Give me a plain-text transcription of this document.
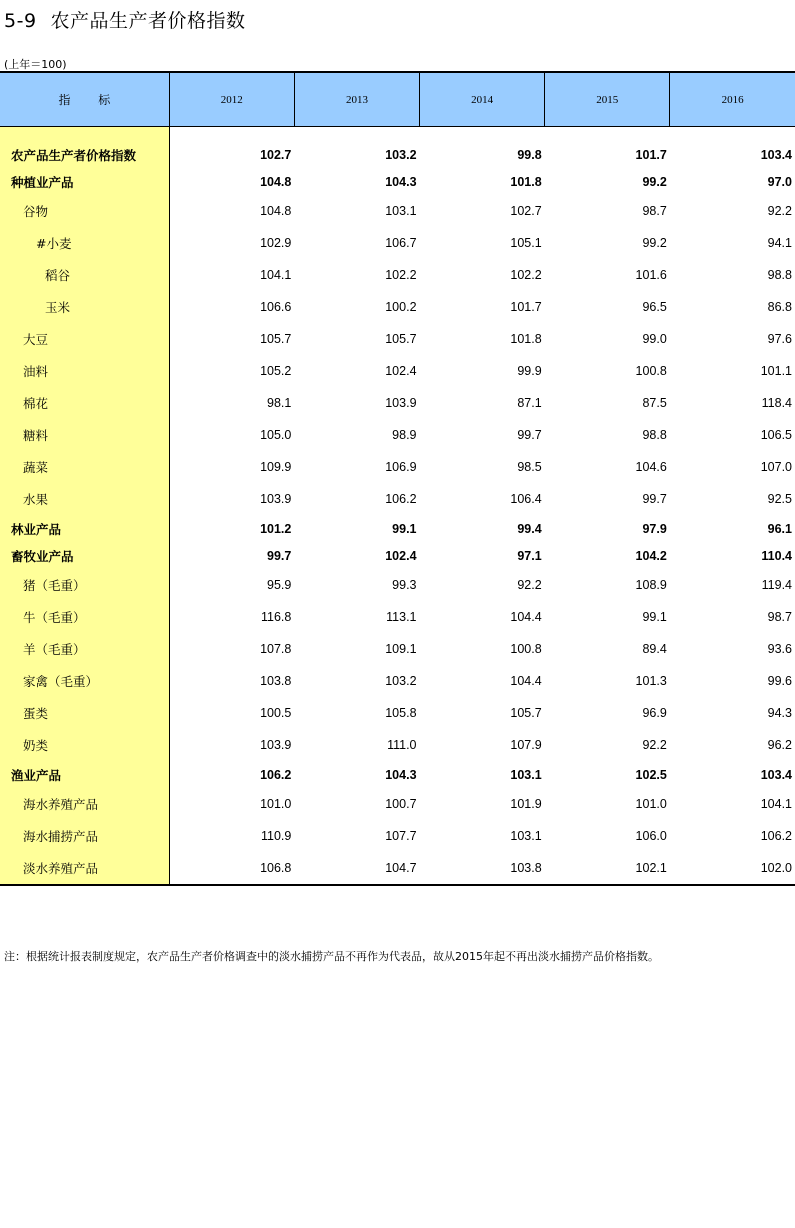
5-9 农产品生产者价格指数
(上年＝100)
指 标	2012	2013	2014	2015	2016

农产品生产者价格指数	102.7	103.2	99.8	101.7	103.4
种植业产品	104.8	104.3	101.8	99.2	97.0
谷物	104.8	103.1	102.7	98.7	92.2
#小麦	102.9	106.7	105.1	99.2	94.1
稻谷	104.1	102.2	102.2	101.6	98.8
玉米	106.6	100.2	101.7	96.5	86.8
大豆	105.7	105.7	101.8	99.0	97.6
油料	105.2	102.4	99.9	100.8	101.1
棉花	98.1	103.9	87.1	87.5	118.4
糖料	105.0	98.9	99.7	98.8	106.5
蔬菜	109.9	106.9	98.5	104.6	107.0
水果	103.9	106.2	106.4	99.7	92.5
林业产品	101.2	99.1	99.4	97.9	96.1
畜牧业产品	99.7	102.4	97.1	104.2	110.4
猪（毛重）	95.9	99.3	92.2	108.9	119.4
牛（毛重）	116.8	113.1	104.4	99.1	98.7
羊（毛重）	107.8	109.1	100.8	89.4	93.6
家禽（毛重）	103.8	103.2	104.4	101.3	99.6
蛋类	100.5	105.8	105.7	96.9	94.3
奶类	103.9	111.0	107.9	92.2	96.2
渔业产品	106.2	104.3	103.1	102.5	103.4
海水养殖产品	101.0	100.7	101.9	101.0	104.1
海水捕捞产品	110.9	107.7	103.1	106.0	106.2
淡水养殖产品	106.8	104.7	103.8	102.1	102.0
注：根据统计报表制度规定，农产品生产者价格调查中的淡水捕捞产品不再作为代表品，故从2015年起不再出淡水捕捞产品价格指数。
